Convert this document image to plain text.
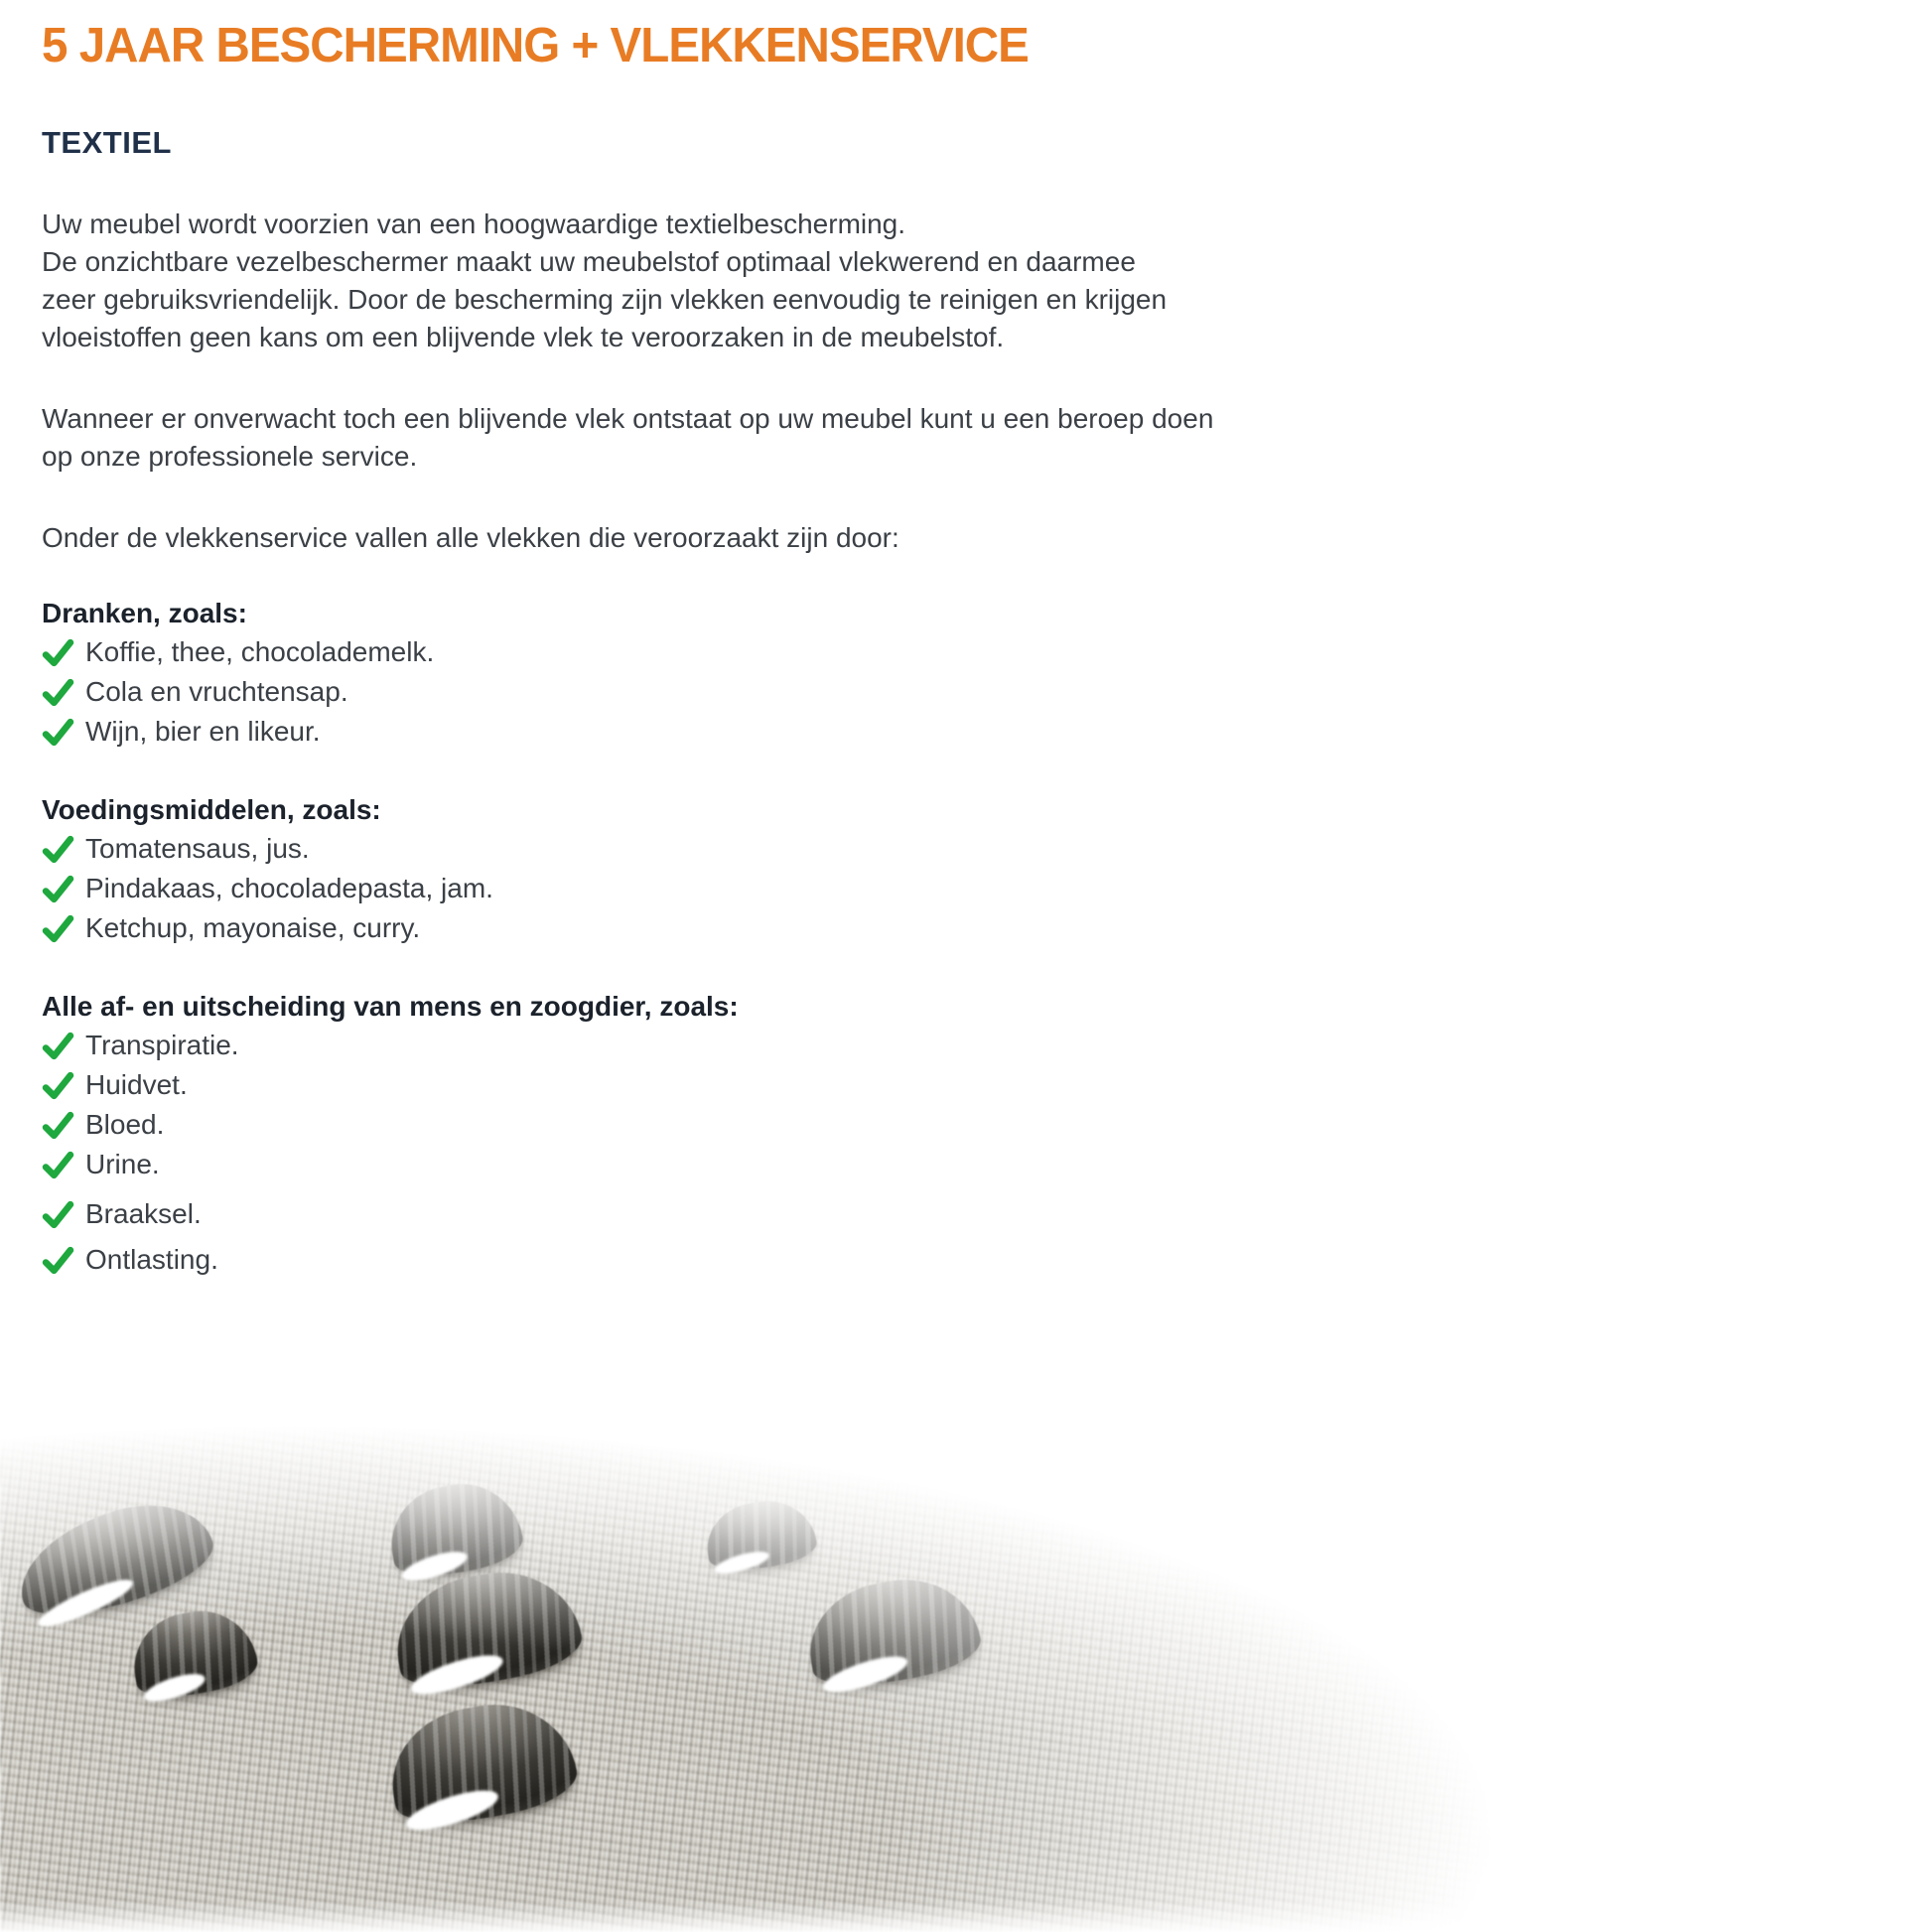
5 JAAR BESCHERMING + VLEKKENSERVICE
TEXTIEL
Uw meubel wordt voorzien van een hoogwaardige textielbescherming.
De onzichtbare vezelbeschermer maakt uw meubelstof optimaal vlekwerend en daarmee
zeer gebruiksvriendelijk. Door de bescherming zijn vlekken eenvoudig te reinigen en krijgen
vloeistoffen geen kans om een blijvende vlek te veroorzaken in de meubelstof.
Wanneer er onverwacht toch een blijvende vlek ontstaat op uw meubel kunt u een beroep doen
op onze professionele service.
Onder de vlekkenservice vallen alle vlekken die veroorzaakt zijn door:
Dranken, zoals:
Koffie, thee, chocolademelk.
Cola en vruchtensap.
Wijn, bier en likeur.
Voedingsmiddelen, zoals:
Tomatensaus, jus.
Pindakaas, chocoladepasta, jam.
Ketchup, mayonaise, curry.
Alle af- en uitscheiding van mens en zoogdier, zoals:
Transpiratie.
Huidvet.
Bloed.
Urine.
Braaksel.
Ontlasting.
